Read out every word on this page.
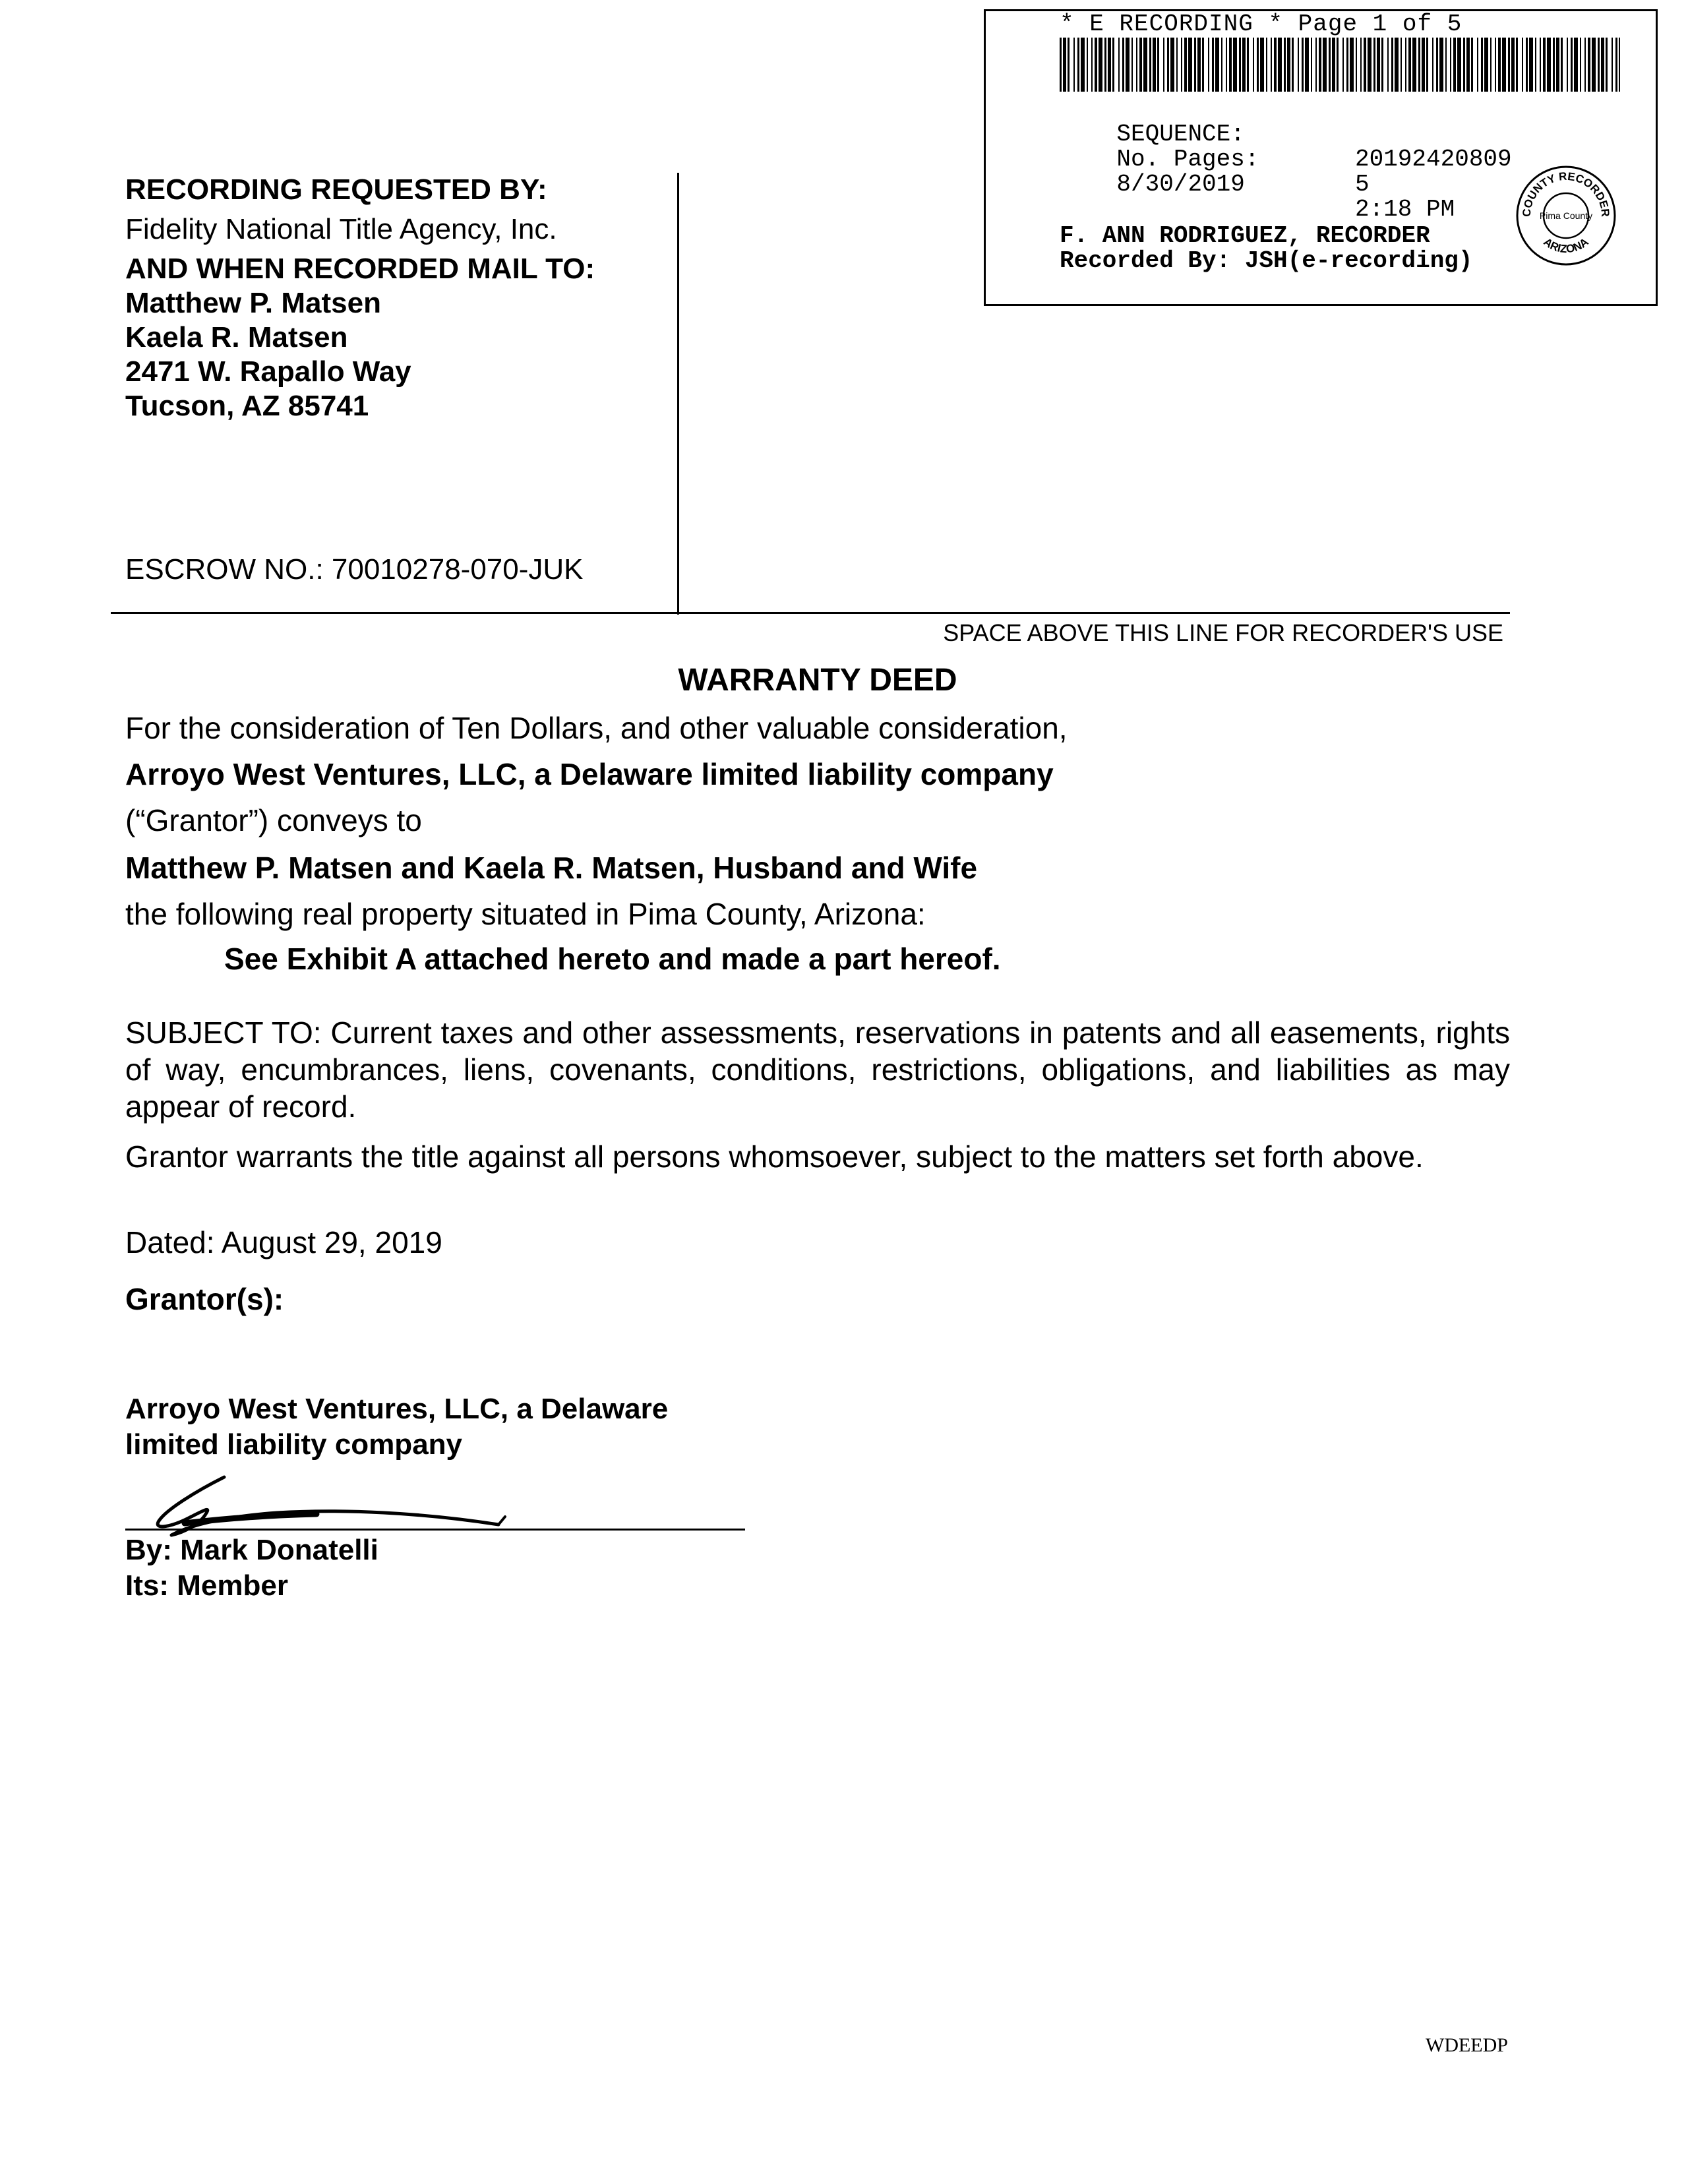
* E RECORDING * Page 1 of 5

SEQUENCE:

20192420809

No. Pages:

5

8/30/2019

2:18 PM

F. ANN RODRIGUEZ, RECORDER
Recorded By: JSH(e-recording)
COUNTY RECORDER
ARIZONA
Pima County
RECORDING REQUESTED BY:
Fidelity National Title Agency, Inc.
AND WHEN RECORDED MAIL TO:
Matthew P. Matsen
Kaela R. Matsen
2471 W. Rapallo Way
Tucson, AZ 85741
ESCROW NO.: 70010278-070-JUK
SPACE ABOVE THIS LINE FOR RECORDER'S USE
WARRANTY DEED
For the consideration of Ten Dollars, and other valuable consideration,
Arroyo West Ventures, LLC, a Delaware limited liability company
(“Grantor”) conveys to
Matthew P. Matsen and Kaela R. Matsen, Husband and Wife
the following real property situated in Pima County, Arizona:
See Exhibit A attached hereto and made a part hereof.
SUBJECT TO: Current taxes and other assessments, reservations in patents and all easements, rights of way, encumbrances, liens, covenants, conditions, restrictions, obligations, and liabilities as may appear of record.
Grantor warrants the title against all persons whomsoever, subject to the matters set forth above.
Dated: August 29, 2019
Grantor(s):
Arroyo West Ventures, LLC, a Delaware
limited liability company
By: Mark Donatelli
Its: Member
WDEEDP
